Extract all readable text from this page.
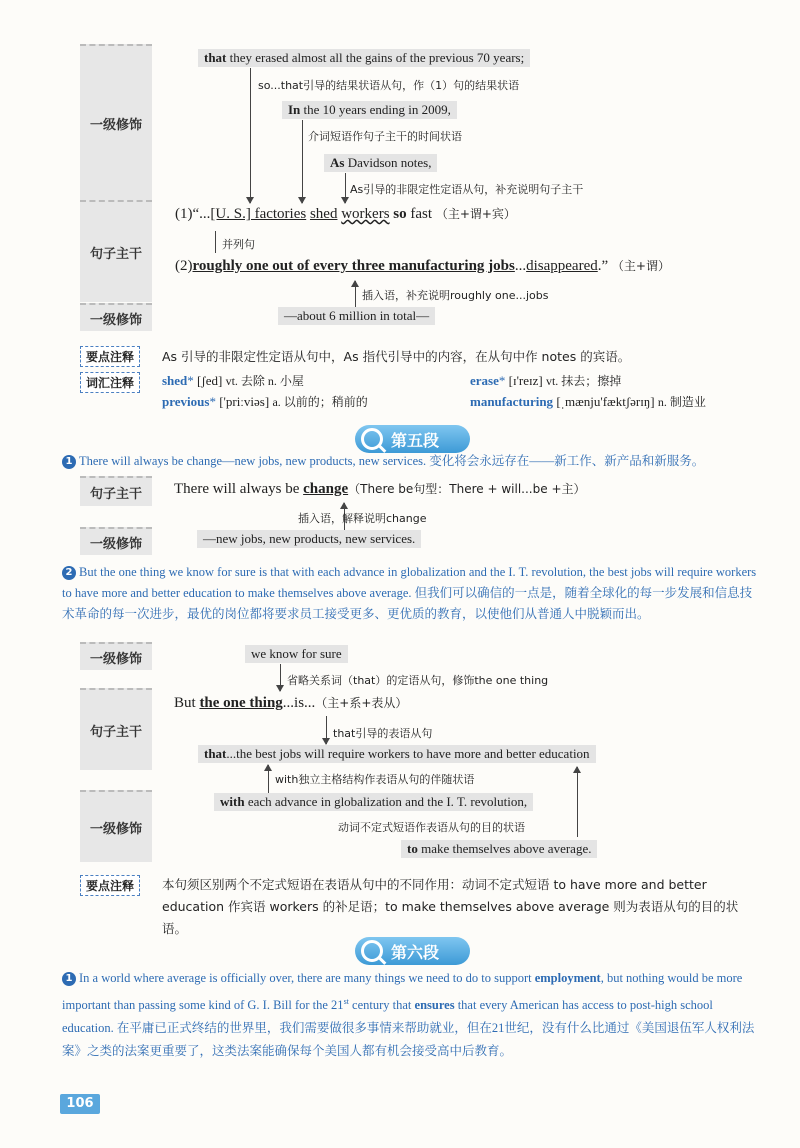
一级修饰
句子主干
一级修饰
that they erased almost all the gains of the previous 70 years;
so...that引导的结果状语从句，作（1）句的结果状语
In the 10 years ending in 2009,
介词短语作句子主干的时间状语
As Davidson notes,
As引导的非限定性定语从句，补充说明句子主干
(1)“...[U. S.] factories shed workers so fast （主+谓+宾）
并列句
(2)roughly one out of every three manufacturing jobs...disappeared.” （主+谓）
插入语，补充说明roughly one...jobs
—about 6 million in total—
要点注释	As 引导的非限定性定语从句中，As 指代引导中的内容，在从句中作 notes 的宾语。
词汇注释	shed* [ʃed] vt. 去除 n. 小屋	erase* [ɪ'reɪz] vt. 抹去；擦掉
previous* ['priːviəs] a. 以前的；稍前的	manufacturing [ˌmænju'fæktʃərɪŋ] n. 制造业
第五段
1 There will always be change—new jobs, new products, new services. 变化将会永远存在——新工作、新产品和新服务。
句子主干
一级修饰
There will always be change（There be句型：There + will...be +主）
插入语，解释说明change
—new jobs, new products, new services.
2 But the one thing we know for sure is that with each advance in globalization and the I. T. revolution, the best jobs will require workers to have more and better education to make themselves above average. 但我们可以确信的一点是，随着全球化的每一步发展和信息技术革命的每一次进步，最优的岗位都将要求员工接受更多、更优质的教育，以使他们从普通人中脱颖而出。
一级修饰
句子主干
一级修饰
we know for sure
省略关系词（that）的定语从句，修饰the one thing
But the one thing...is...（主+系+表从）
that引导的表语从句
that...the best jobs will require workers to have more and better education
with独立主格结构作表语从句的伴随状语
with each advance in globalization and the I. T. revolution,
动词不定式短语作表语从句的目的状语
to make themselves above average.
要点注释	本句须区别两个不定式短语在表语从句中的不同作用：动词不定式短语 to have more and better education 作宾语 workers 的补足语；to make themselves above average 则为表语从句的目的状语。
第六段
1 In a world where average is officially over, there are many things we need to do to support employment, but nothing would be more important than passing some kind of G. I. Bill for the 21st century that ensures that every American has access to post-high school education. 在平庸已正式终结的世界里，我们需要做很多事情来帮助就业，但在21世纪，没有什么比通过《美国退伍军人权利法案》之类的法案更重要了，这类法案能确保每个美国人都有机会接受高中后教育。
106
